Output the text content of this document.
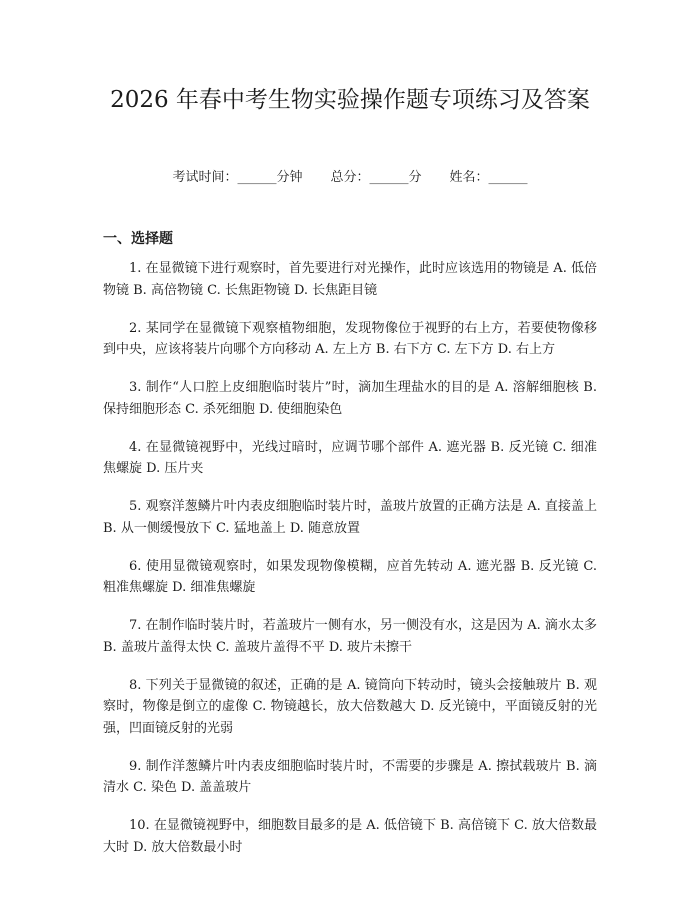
2026 年春中考生物实验操作题专项练习及答案
考试时间：______分钟 总分：______分 姓名：______
一、选择题
1. 在显微镜下进行观察时，首先要进行对光操作，此时应该选用的物镜是 A. 低倍物镜 B. 高倍物镜 C. 长焦距物镜 D. 长焦距目镜
2. 某同学在显微镜下观察植物细胞，发现物像位于视野的右上方，若要使物像移到中央，应该将装片向哪个方向移动 A. 左上方 B. 右下方 C. 左下方 D. 右上方
3. 制作“人口腔上皮细胞临时装片”时，滴加生理盐水的目的是 A. 溶解细胞核 B. 保持细胞形态 C. 杀死细胞 D. 使细胞染色
4. 在显微镜视野中，光线过暗时，应调节哪个部件 A. 遮光器 B. 反光镜 C. 细准焦螺旋 D. 压片夹
5. 观察洋葱鳞片叶内表皮细胞临时装片时，盖玻片放置的正确方法是 A. 直接盖上 B. 从一侧缓慢放下 C. 猛地盖上 D. 随意放置
6. 使用显微镜观察时，如果发现物像模糊，应首先转动 A. 遮光器 B. 反光镜 C. 粗准焦螺旋 D. 细准焦螺旋
7. 在制作临时装片时，若盖玻片一侧有水，另一侧没有水，这是因为 A. 滴水太多 B. 盖玻片盖得太快 C. 盖玻片盖得不平 D. 玻片未擦干
8. 下列关于显微镜的叙述，正确的是 A. 镜筒向下转动时，镜头会接触玻片 B. 观察时，物像是倒立的虚像 C. 物镜越长，放大倍数越大 D. 反光镜中，平面镜反射的光强，凹面镜反射的光弱
9. 制作洋葱鳞片叶内表皮细胞临时装片时，不需要的步骤是 A. 擦拭载玻片 B. 滴清水 C. 染色 D. 盖盖玻片
10. 在显微镜视野中，细胞数目最多的是 A. 低倍镜下 B. 高倍镜下 C. 放大倍数最大时 D. 放大倍数最小时
